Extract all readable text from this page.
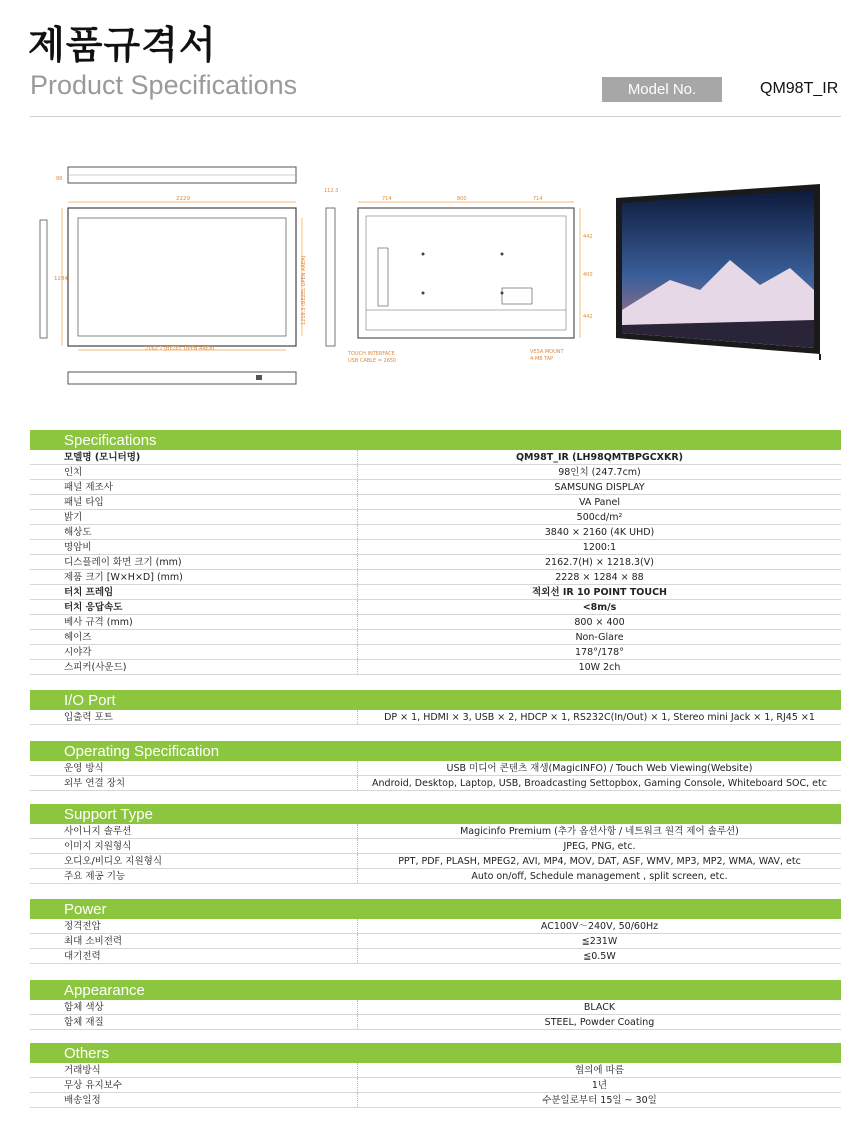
제품규격서
Product Specifications	Model No.	QM98T_IR
88
2229
1284
2162.7 (BEZEL OPEN AREA)
1218.3 (BEZEL OPEN AREA)
112.3
TOUCH INTERFACE
USB CABLE = 2650
714	800	714
442
400
442
VESA MOUNT
4-M8 TAP
Specifications
모델명 (모니터명)	QM98T_IR (LH98QMTBPGCXKR)
인치	98인치 (247.7cm)
패널 제조사	SAMSUNG DISPLAY
패널 타입	VA Panel
밝기	500cd/m²
해상도	3840 × 2160 (4K UHD)
명암비	1200:1
디스플레이 화면 크기 (mm)	2162.7(H) × 1218.3(V)
제품 크기 [W×H×D] (mm)	2228 × 1284 × 88
터치 프레임	적외선 IR 10 POINT TOUCH
터치 응답속도	<8m/s
베사 규격 (mm)	800 × 400
헤이즈	Non-Glare
시야각	178°/178°
스피커(사운드)	10W 2ch
I/O Port
입출력 포트	DP × 1, HDMI × 3, USB × 2, HDCP × 1, RS232C(In/Out) × 1, Stereo mini Jack × 1, RJ45 ×1
Operating Specification
운영 방식	USB 미디어 콘텐츠 재생(MagicINFO) / Touch Web Viewing(Website)
외부 연결 장치	Android, Desktop, Laptop, USB, Broadcasting Settopbox, Gaming Console, Whiteboard SOC, etc
Support Type
사이니지 솔루션	Magicinfo Premium (추가 옵션사항 / 네트워크 원격 제어 솔루션)
이미지 지원형식	JPEG, PNG, etc.
오디오/비디오 지원형식	PPT, PDF, PLASH, MPEG2, AVI, MP4, MOV, DAT, ASF, WMV, MP3, MP2, WMA, WAV, etc
주요 제공 기능	Auto on/off, Schedule management , split screen, etc.
Power
정격전압	AC100V～240V, 50/60Hz
최대 소비전력	≦231W
대기전력	≦0.5W
Appearance
함체 색상	BLACK
함체 재질	STEEL, Powder Coating
Others
거래방식	협의에 따름
무상 유지보수	1년
배송일정	수분일로부터 15일 ~ 30일
